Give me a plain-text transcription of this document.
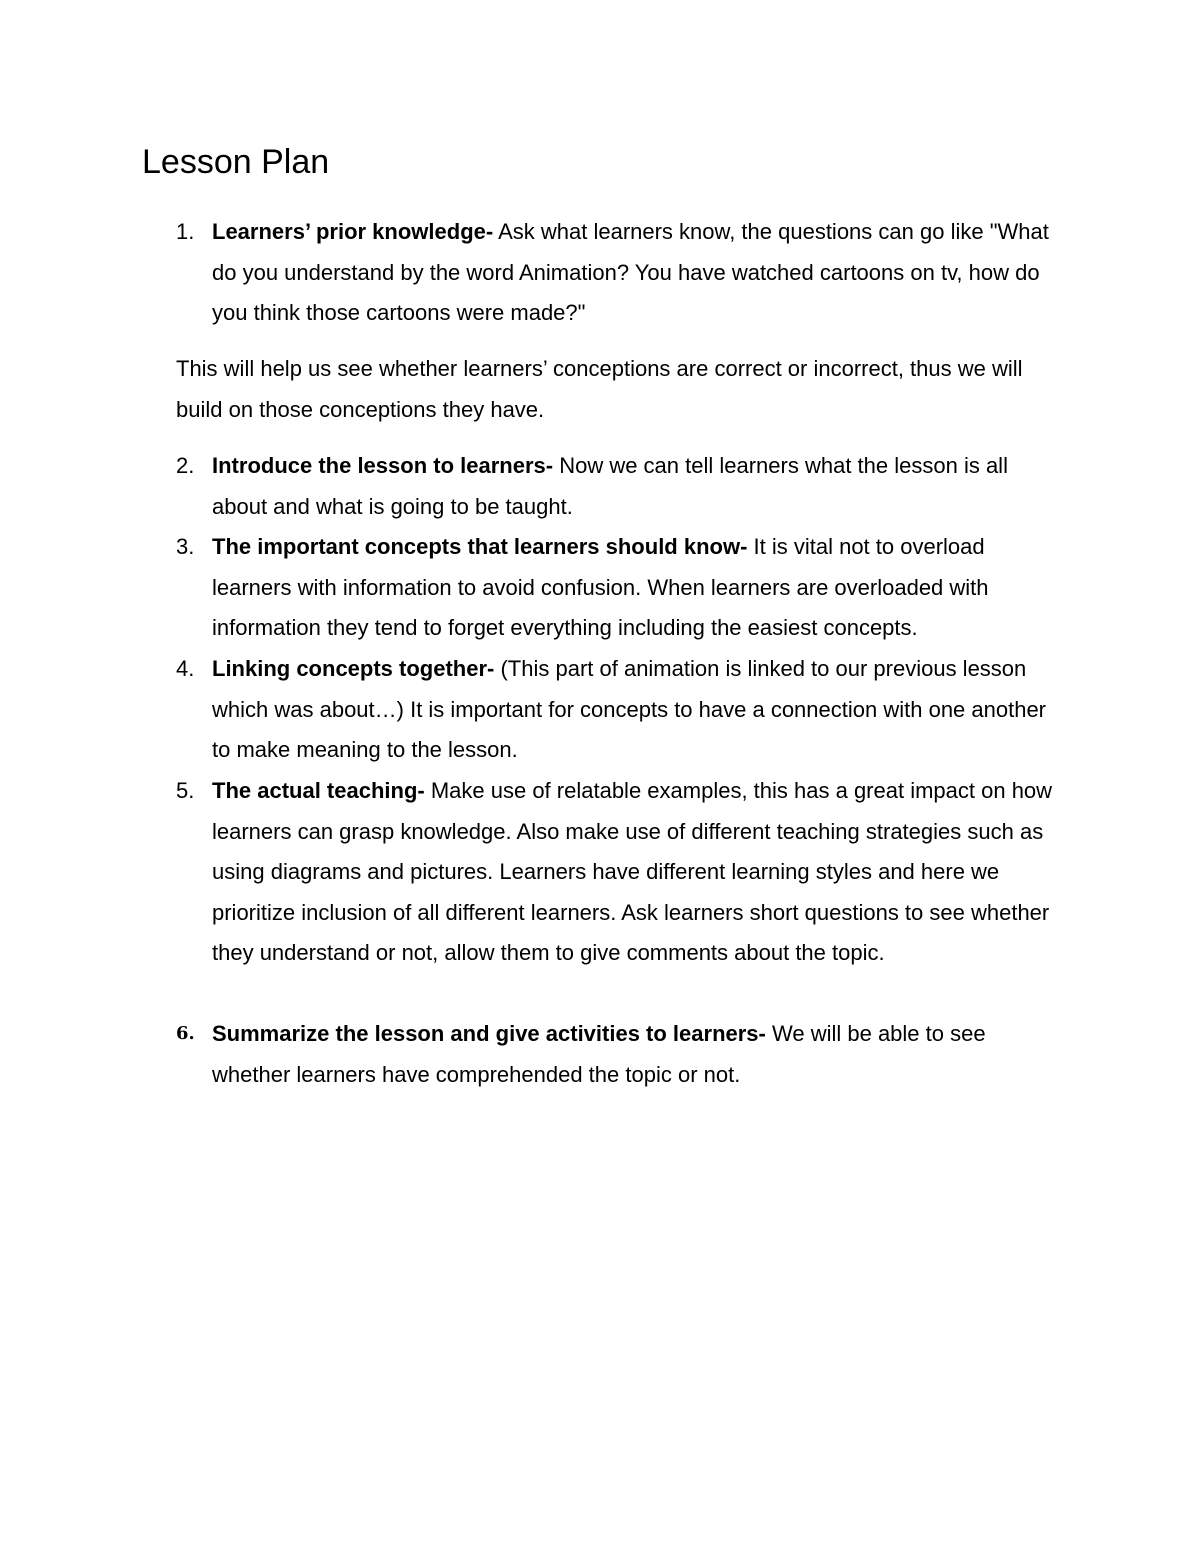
Lesson Plan
1. Learners’ prior knowledge- Ask what learners know, the questions can go like "What do you understand by the word Animation? You have watched cartoons on tv, how do you think those cartoons were made?"

This will help us see whether learners’ conceptions are correct or incorrect, thus we will build on those conceptions they have.

2. Introduce the lesson to learners- Now we can tell learners what the lesson is all about and what is going to be taught.
3. The important concepts that learners should know- It is vital not to overload learners with information to avoid confusion. When learners are overloaded with information they tend to forget everything including the easiest concepts.
4. Linking concepts together- (This part of animation is linked to our previous lesson which was about…) It is important for concepts to have a connection with one another to make meaning to the lesson.
5. The actual teaching- Make use of relatable examples, this has a great impact on how learners can grasp knowledge. Also make use of different teaching strategies such as using diagrams and pictures. Learners have different learning styles and here we prioritize inclusion of all different learners. Ask learners short questions to see whether they understand or not, allow them to give comments about the topic.
6. Summarize the lesson and give activities to learners- We will be able to see whether learners have comprehended the topic or not.
